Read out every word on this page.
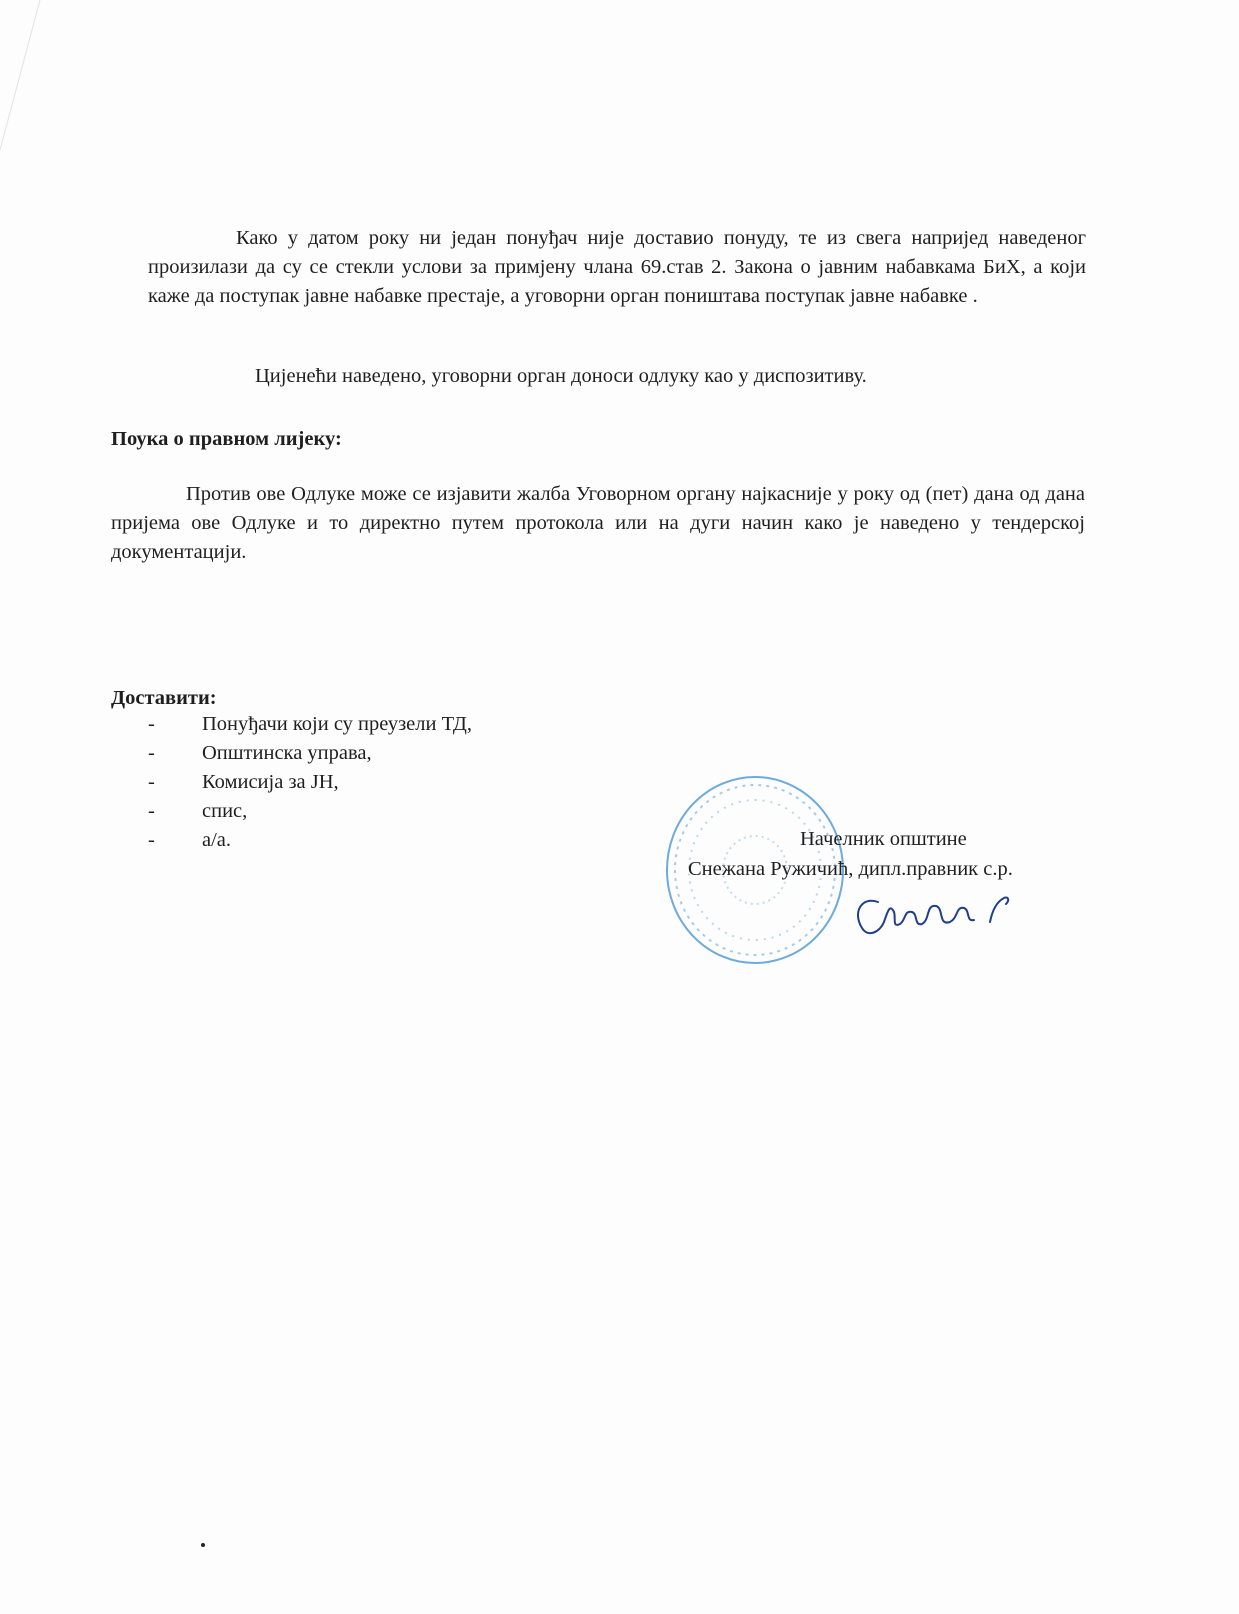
Како у датом року ни један понуђач није доставио понуду, те из свега напријед наведеног произилази да су се стекли услови за примјену члана 69.став 2. Закона о јавним набавкама БиХ, а који каже да поступак јавне набавке престаје, а уговорни орган поништава поступак јавне набавке .

Цијенећи наведено, уговорни орган доноси одлуку као у диспозитиву.

Поука о правном лијеку:

Против ове Одлуке може се изјавити жалба Уговорном органу најкасније у року од (пет) дана од дана пријема ове Одлуке и то директно путем протокола или на дуги начин како је наведено у тендерској документацији.

Доставити:

-	Понуђачи који су преузели ТД,
-	Општинска управа,
-	Комисија за ЈН,
-	спис,
-	а/а.	Начелник општине
Снежана Ружичић, дипл.правник с.р.
